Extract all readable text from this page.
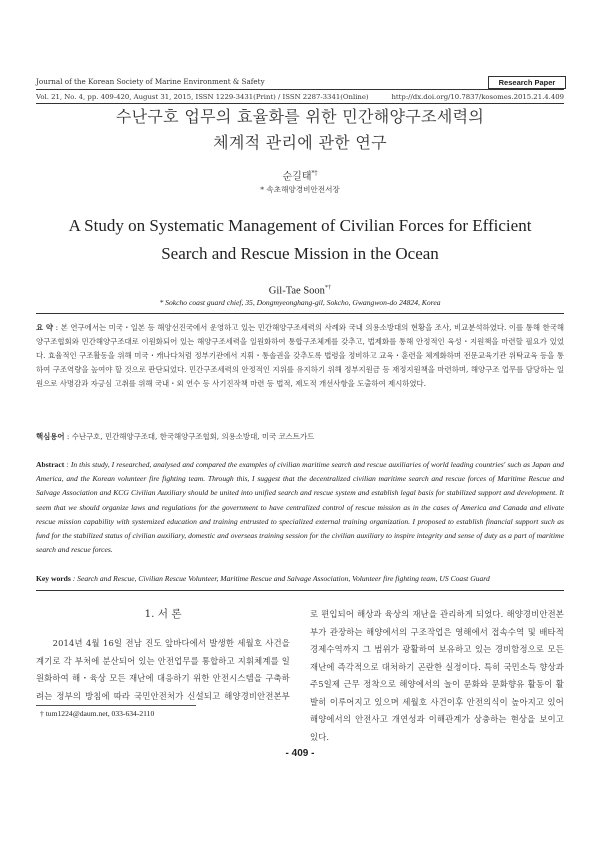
Journal of the Korean Society of Marine Environment & Safety	Research Paper
Vol. 21, No. 4, pp. 409-420, August 31, 2015, ISSN 1229-3431(Print) / ISSN 2287-3341(Online)	http://dx.doi.org/10.7837/kosomes.2015.21.4.409
수난구호 업무의 효율화를 위한 민간해양구조세력의
체계적 관리에 관한 연구
순길태*†
* 속초해양경비안전서장
A Study on Systematic Management of Civilian Forces for Efficient
Search and Rescue Mission in the Ocean
Gil-Tae Soon*†
* Sokcho coast guard chief, 35, Dongmyeonghang-gil, Sokcho, Gwangwon-do 24824, Korea
요 약 : 본 연구에서는 미국・일본 등 해양선진국에서 운영하고 있는 민간해양구조세력의 사례와 국내 의용소방대의 현황을 조사, 비교분석하였다. 이를 통해 한국해양구조협회와 민간해양구조대로 이원화되어 있는 해양구조세력을 일원화하여 통합구조체계를 갖추고, 법제화를 통해 안정적인 육성・지원책을 마련할 필요가 있었다. 효율적인 구조활동을 위해 미국・캐나다처럼 정부기관에서 지휘・통솔권을 갖추도록 법령을 정비하고 교육・훈련을 체계화하며 전문교육기관 위탁교육 등을 통하여 구조역량을 높여야 할 것으로 판단되었다. 민간구조세력의 안정적인 지위를 유지하기 위해 정부지원금 등 재정지원책을 마련하며, 해양구조 업무를 담당하는 일원으로 사명감과 자긍심 고취를 위해 국내・외 연수 등 사기진작책 마련 등 법적, 제도적 개선사항을 도출하여 제시하였다.
핵심용어 : 수난구호, 민간해양구조대, 한국해양구조협회, 의용소방대, 미국 코스트가드
Abstract : In this study, I researched, analysed and compared the examples of civilian maritime search and rescue auxiliaries of world leading countries' such as Japan and America, and the Korean volunteer fire fighting team. Through this, I suggest that the decentralized civilian maritime search and rescue forces of Maritime Rescue and Salvage Association and KCG Civilian Auxiliary should be united into unified search and rescue system and establish legal basis for stabilized support and development. It seem that we should organize laws and regulations for the government to have centralized control of rescue mission as in the cases of America and Canada and elivate rescue mission capability with systemized education and training entrusted to specialized external training organization. I proposed to establish financial support such as fund for the stabilized status of civilian auxiliary, domestic and overseas training session for the civilian auxiliary to inspire integrity and sense of duty as a part of maritime search and rescue forces.
Key words : Search and Rescue, Civilian Rescue Volunteer, Maritime Rescue and Salvage Association, Volunteer fire fighting team, US Coast Guard
1. 서 론
2014년 4월 16일 전남 진도 앞바다에서 발생한 세월호 사건을 계기로 각 부처에 분산되어 있는 안전업무를 통합하고 지휘체계를 일원화하여 해・육상 모든 재난에 대응하기 위한 안전시스템을 구축하려는 정부의 방침에 따라 국민안전처가 신설되고 해양경비안전본부
로 편입되어 해상과 육상의 재난을 관리하게 되었다. 해양경비안전본부가 관장하는 해양에서의 구조작업은 영해에서 접속수역 및 배타적경제수역까지 그 범위가 광활하여 보유하고 있는 경비함정으로 모든 재난에 즉각적으로 대처하기 곤란한 실정이다. 특히 국민소득 향상과 주5일제 근무 정착으로 해양에서의 놀이 문화와 문화향유 활동이 활발히 이루어지고 있으며 세월호 사건이후 안전의식이 높아지고 있어 해양에서의 안전사고 개연성과 이해관계가 상충하는 현상을 보이고 있다.
† tum1224@daum.net, 033-634-2110
- 409 -
